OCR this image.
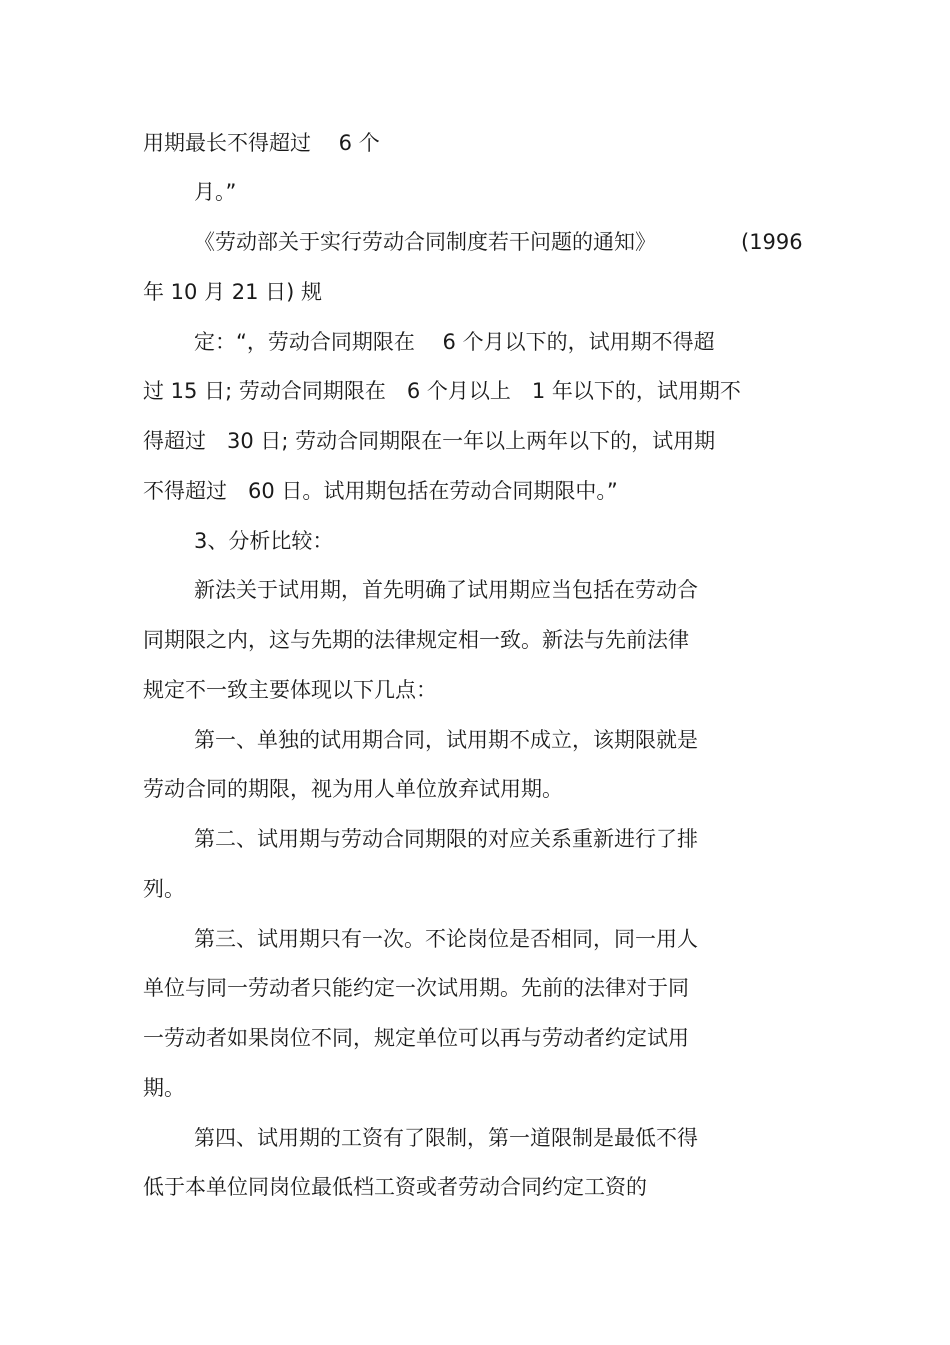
用期最长不得超过　 6 个

月。”

《劳动部关于实行劳动合同制度若干问题的通知》	(1996

年 10 月 21 日) 规

定：“，劳动合同期限在　 6 个月以下的，试用期不得超

过 15 日; 劳动合同期限在　6 个月以上　1 年以下的，试用期不

得超过　30 日; 劳动合同期限在一年以上两年以下的，试用期

不得超过　60 日。试用期包括在劳动合同期限中。”

3、分析比较：

新法关于试用期，首先明确了试用期应当包括在劳动合

同期限之内，这与先期的法律规定相一致。新法与先前法律

规定不一致主要体现以下几点：

第一、单独的试用期合同，试用期不成立，该期限就是

劳动合同的期限，视为用人单位放弃试用期。

第二、试用期与劳动合同期限的对应关系重新进行了排

列。

第三、试用期只有一次。不论岗位是否相同，同一用人

单位与同一劳动者只能约定一次试用期。先前的法律对于同

一劳动者如果岗位不同，规定单位可以再与劳动者约定试用

期。

第四、试用期的工资有了限制，第一道限制是最低不得

低于本单位同岗位最低档工资或者劳动合同约定工资的
